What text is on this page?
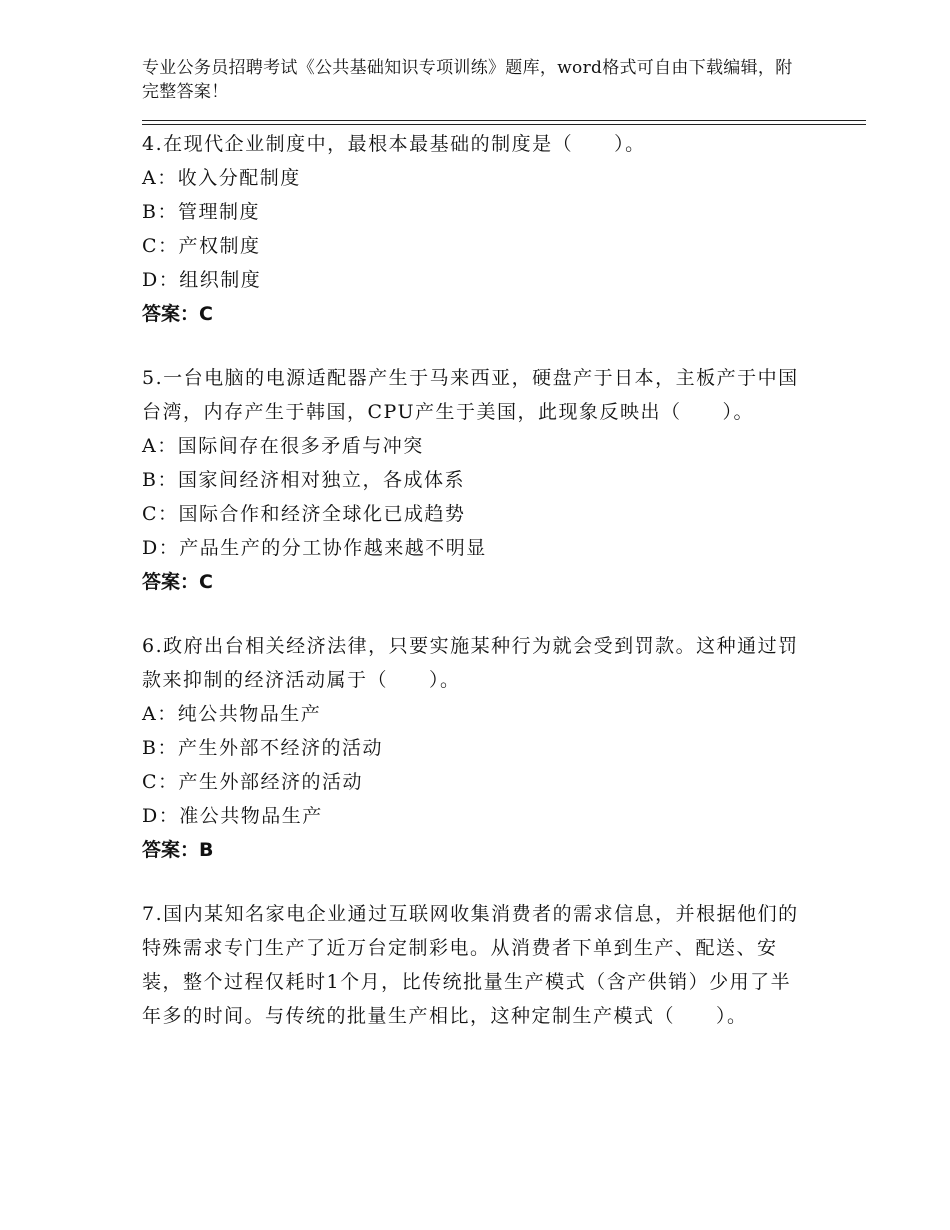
专业公务员招聘考试《公共基础知识专项训练》题库，word格式可自由下载编辑，附完整答案！

4.在现代企业制度中，最根本最基础的制度是（　　）。

A：收入分配制度

B：管理制度

C：产权制度

D：组织制度

答案：C

5.一台电脑的电源适配器产生于马来西亚，硬盘产于日本，主板产于中国台湾，内存产生于韩国，CPU产生于美国，此现象反映出（　　）。

A：国际间存在很多矛盾与冲突

B：国家间经济相对独立，各成体系

C：国际合作和经济全球化已成趋势

D：产品生产的分工协作越来越不明显

答案：C

6.政府出台相关经济法律，只要实施某种行为就会受到罚款。这种通过罚款来抑制的经济活动属于（　　）。

A：纯公共物品生产

B：产生外部不经济的活动

C：产生外部经济的活动

D：准公共物品生产

答案：B

7.国内某知名家电企业通过互联网收集消费者的需求信息，并根据他们的特殊需求专门生产了近万台定制彩电。从消费者下单到生产、配送、安装，整个过程仅耗时1个月，比传统批量生产模式（含产供销）少用了半年多的时间。与传统的批量生产相比，这种定制生产模式（　　）。
